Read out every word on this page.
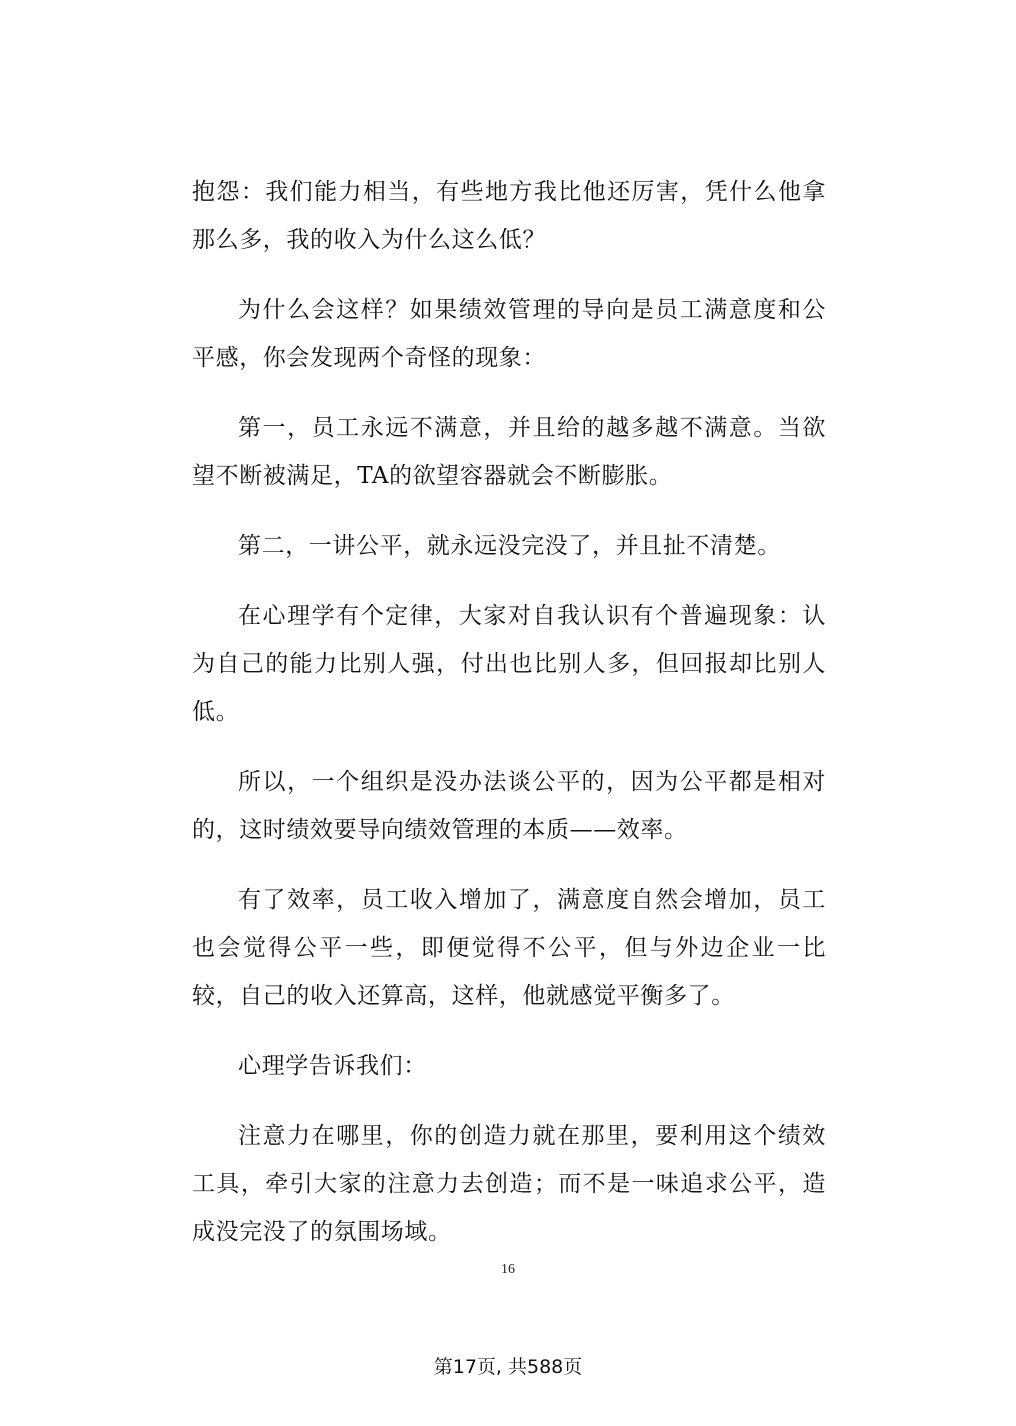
抱怨：我们能力相当，有些地方我比他还厉害，凭什么他拿那么多，我的收入为什么这么低？

为什么会这样？如果绩效管理的导向是员工满意度和公平感，你会发现两个奇怪的现象：

第一，员工永远不满意，并且给的越多越不满意。当欲望不断被满足，TA的欲望容器就会不断膨胀。

第二，一讲公平，就永远没完没了，并且扯不清楚。

在心理学有个定律，大家对自我认识有个普遍现象：认为自己的能力比别人强，付出也比别人多，但回报却比别人低。

所以，一个组织是没办法谈公平的，因为公平都是相对的，这时绩效要导向绩效管理的本质——效率。

有了效率，员工收入增加了，满意度自然会增加，员工也会觉得公平一些，即便觉得不公平，但与外边企业一比较，自己的收入还算高，这样，他就感觉平衡多了。

心理学告诉我们：

注意力在哪里，你的创造力就在那里，要利用这个绩效工具，牵引大家的注意力去创造；而不是一味追求公平，造成没完没了的氛围场域。

16
第17页, 共588页
